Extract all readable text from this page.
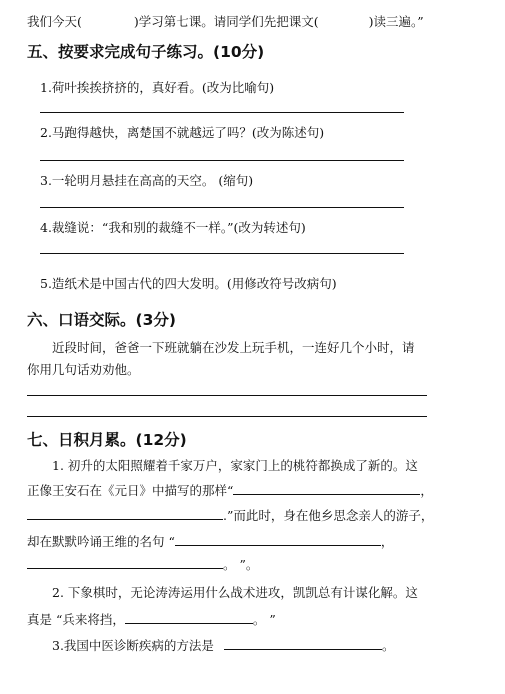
我们今天(	)学习第七课。请同学们先把课文(	)读三遍。”
五、按要求完成句子练习。(10分)
1.荷叶挨挨挤挤的，真好看。(改为比喻句)
2.马跑得越快，离楚国不就越远了吗？(改为陈述句)
3.一轮明月悬挂在高高的天空。 (缩句)
4.裁缝说：“我和别的裁缝不一样。”(改为转述句)
5.造纸术是中国古代的四大发明。(用修改符号改病句)
六、口语交际。(3分)
近段时间，爸爸一下班就躺在沙发上玩手机，一连好几个小时，请
你用几句话劝劝他。
七、日积月累。(12分)
1. 初升的太阳照耀着千家万户，家家门上的桃符都换成了新的。这
正像王安石在《元日》中描写的那样“	，
.”而此时，身在他乡思念亲人的游子，
却在默默吟诵王维的名句 “	，
。 ”。
2. 下象棋时，无论涛涛运用什么战术进攻，凯凯总有计谋化解。这
真是 “兵来将挡，	。 ”
3.我国中医诊断疾病的方法是	。
